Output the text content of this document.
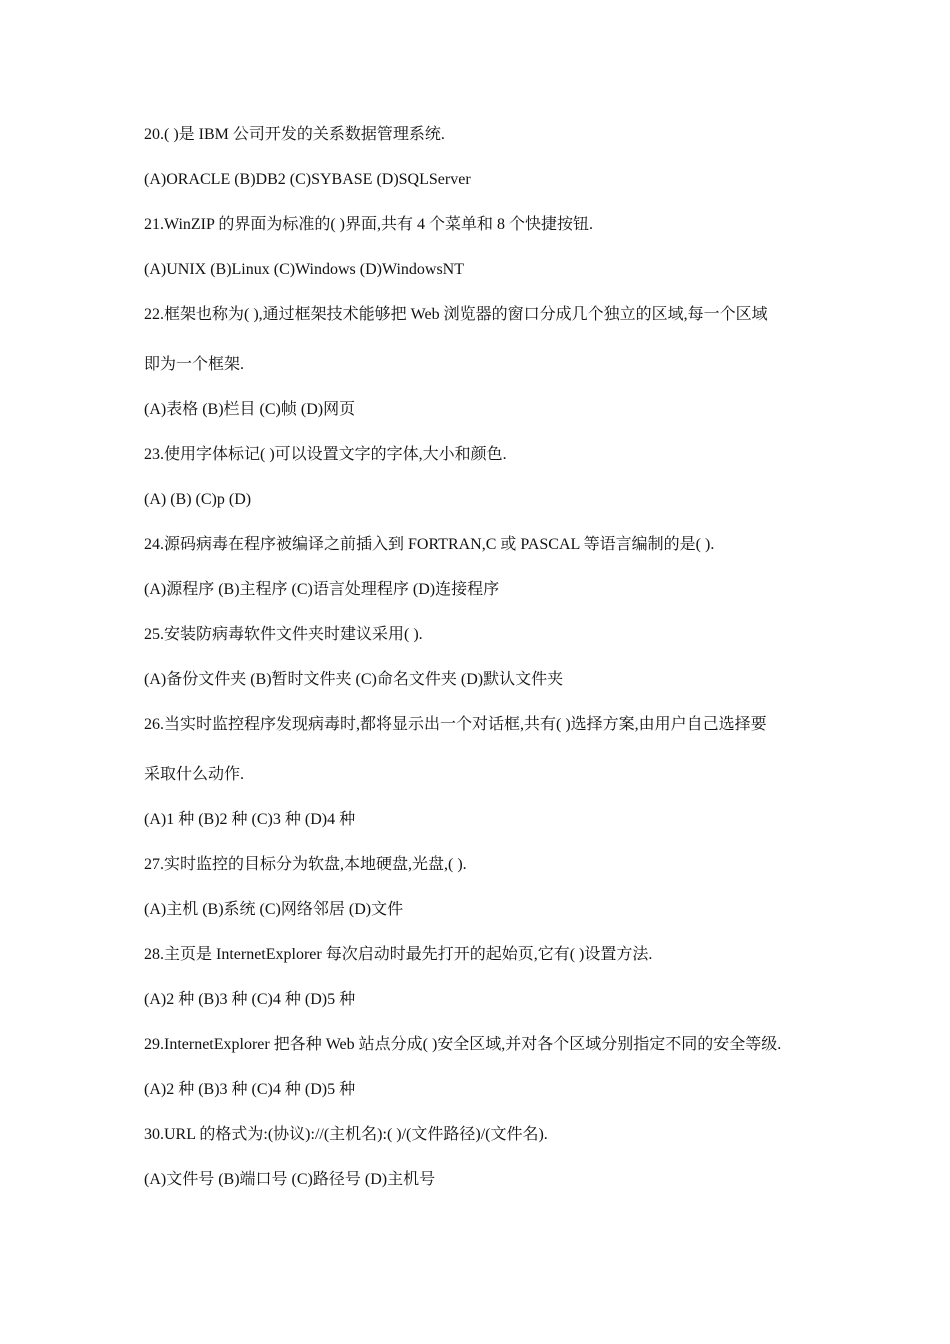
20.( )是 IBM 公司开发的关系数据管理系统.

(A)ORACLE (B)DB2 (C)SYBASE (D)SQLServer

21.WinZIP 的界面为标准的( )界面,共有 4 个菜单和 8 个快捷按钮.

(A)UNIX (B)Linux (C)Windows (D)WindowsNT

22.框架也称为( ),通过框架技术能够把 Web 浏览器的窗口分成几个独立的区域,每一个区域

即为一个框架.

(A)表格 (B)栏目 (C)帧 (D)网页

23.使用字体标记( )可以设置文字的字体,大小和颜色.

(A) (B) (C)p (D)

24.源码病毒在程序被编译之前插入到 FORTRAN,C 或 PASCAL 等语言编制的是( ).

(A)源程序 (B)主程序 (C)语言处理程序 (D)连接程序

25.安装防病毒软件文件夹时建议采用( ).

(A)备份文件夹 (B)暂时文件夹 (C)命名文件夹 (D)默认文件夹

26.当实时监控程序发现病毒时,都将显示出一个对话框,共有( )选择方案,由用户自己选择要

采取什么动作.

(A)1 种 (B)2 种 (C)3 种 (D)4 种

27.实时监控的目标分为软盘,本地硬盘,光盘,( ).

(A)主机 (B)系统 (C)网络邻居 (D)文件

28.主页是 InternetExplorer 每次启动时最先打开的起始页,它有( )设置方法.

(A)2 种 (B)3 种 (C)4 种 (D)5 种

29.InternetExplorer 把各种 Web 站点分成( )安全区域,并对各个区域分别指定不同的安全等级.

(A)2 种 (B)3 种 (C)4 种 (D)5 种

30.URL 的格式为:(协议)://(主机名):( )/(文件路径)/(文件名).

(A)文件号 (B)端口号 (C)路径号 (D)主机号
